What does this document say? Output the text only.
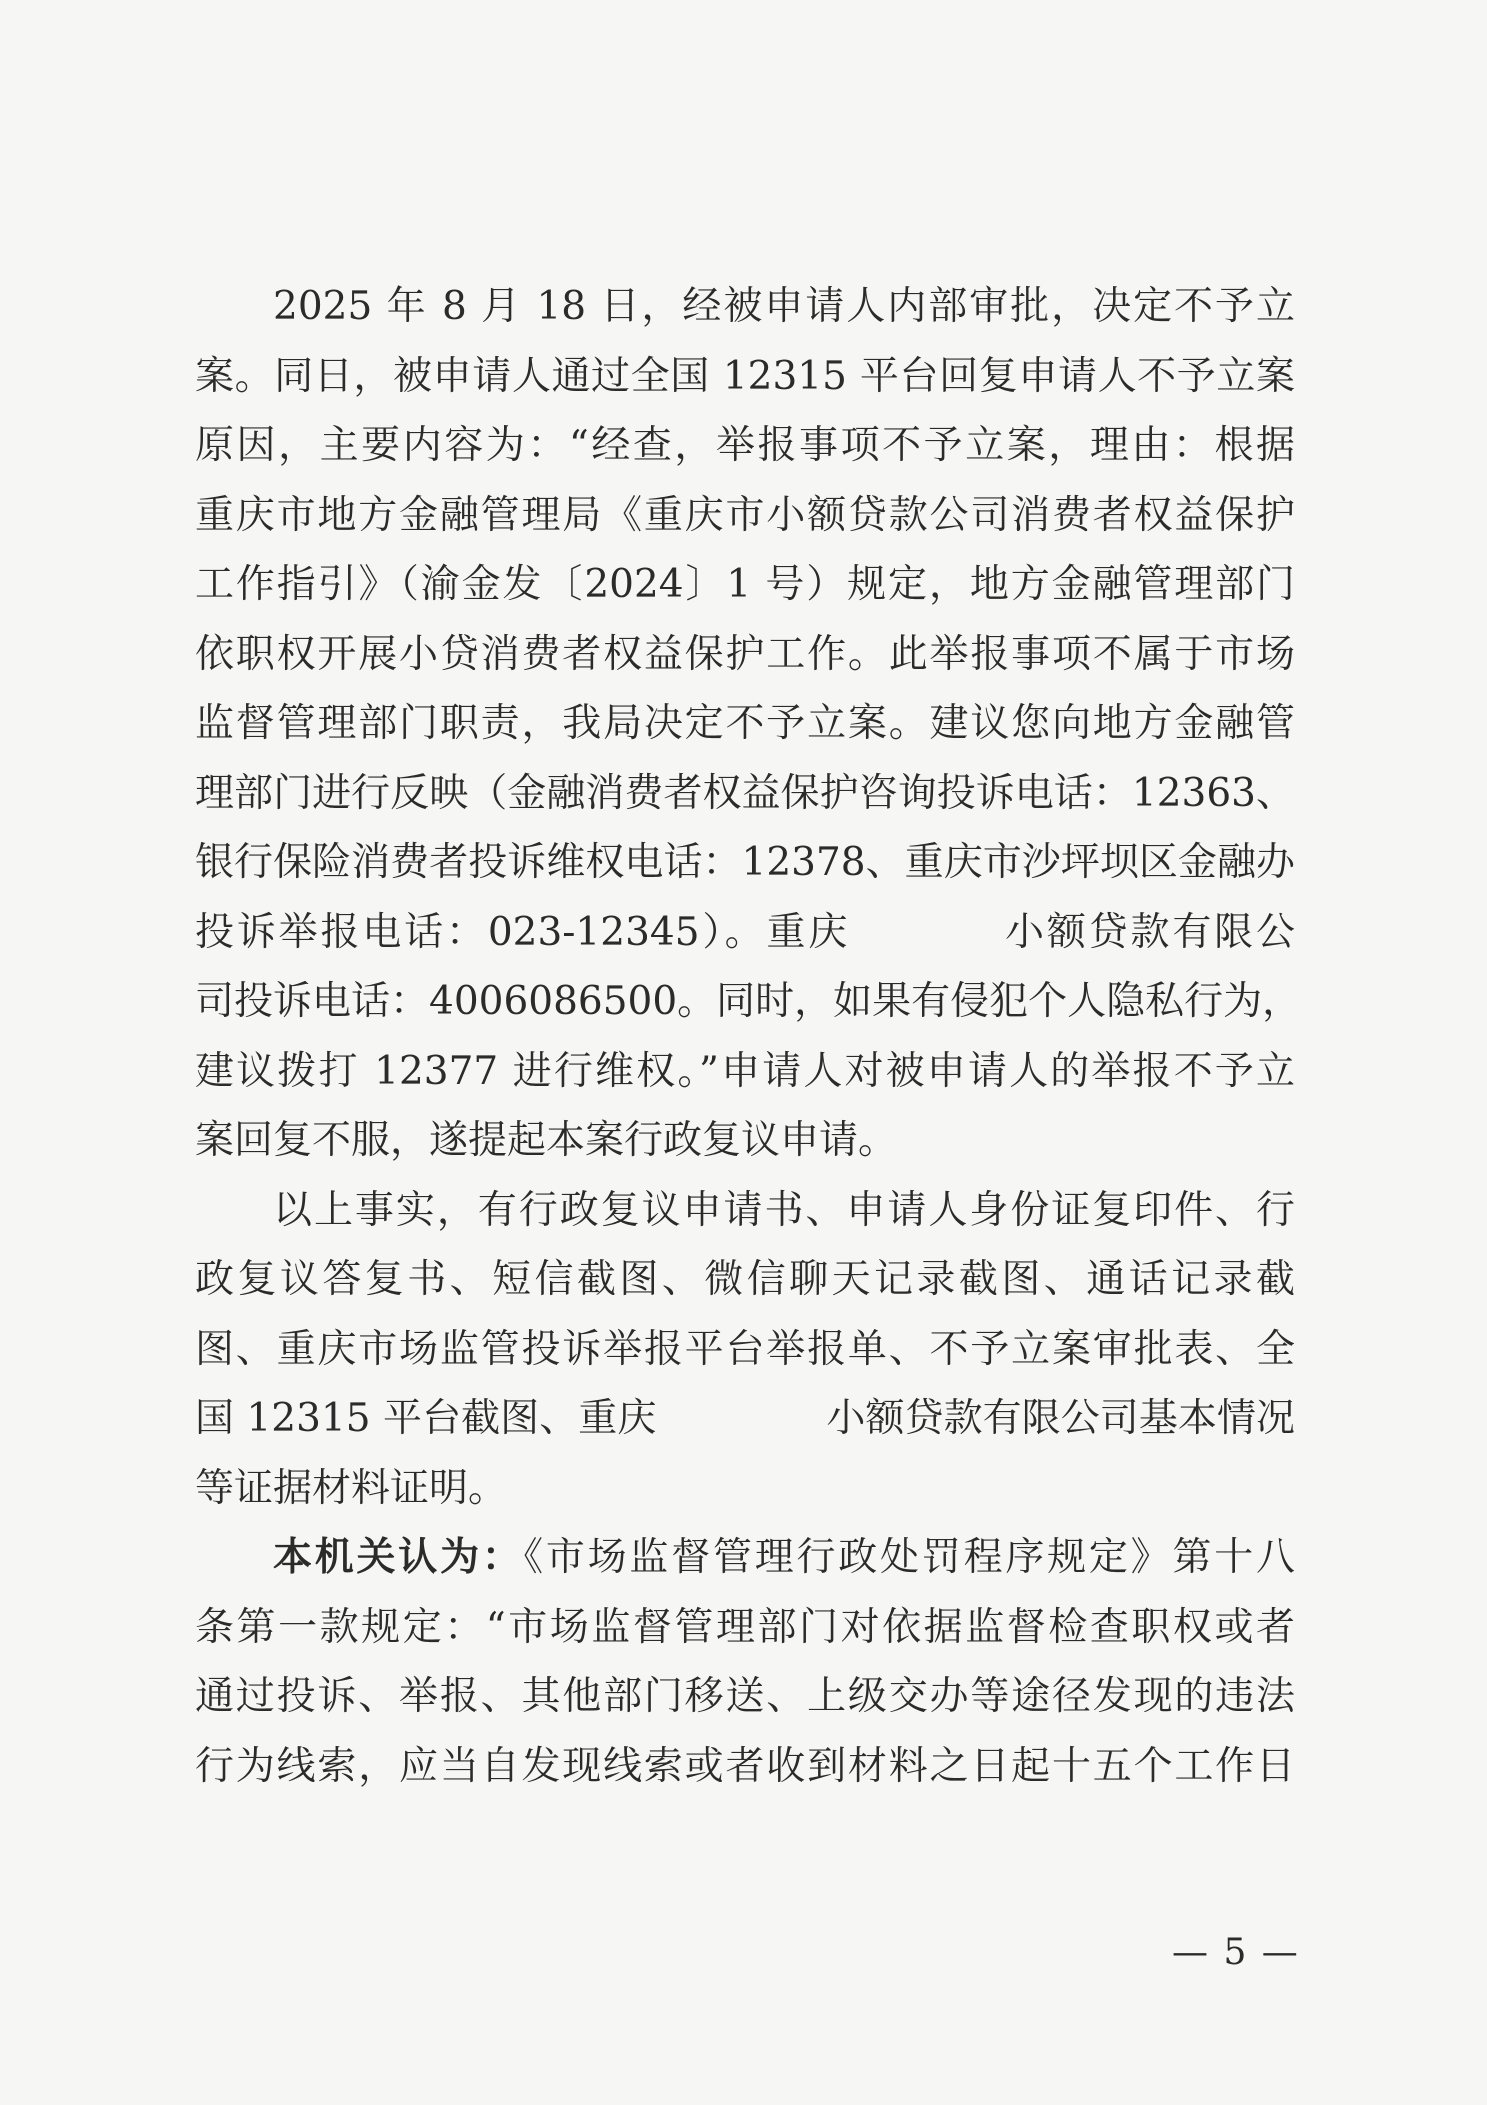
2025 年 8 月 18 日，经被申请人内部审批，决定不予立
案。同日，被申请人通过全国 12315 平台回复申请人不予立案
原因，主要内容为：“经查，举报事项不予立案，理由：根据
重庆市地方金融管理局《重庆市小额贷款公司消费者权益保护
工作指引》（渝金发〔2024〕1 号）规定，地方金融管理部门
依职权开展小贷消费者权益保护工作。此举报事项不属于市场
监督管理部门职责，我局决定不予立案。建议您向地方金融管
理部门进行反映（金融消费者权益保护咨询投诉电话：12363、
银行保险消费者投诉维权电话：12378、重庆市沙坪坝区金融办
投诉举报电话：023-12345）。重庆	小额贷款有限公
司投诉电话：4006086500。同时，如果有侵犯个人隐私行为，
建议拨打 12377 进行维权。”申请人对被申请人的举报不予立
案回复不服，遂提起本案行政复议申请。
以上事实，有行政复议申请书、申请人身份证复印件、行
政复议答复书、短信截图、微信聊天记录截图、通话记录截
图、重庆市场监管投诉举报平台举报单、不予立案审批表、全
国 12315 平台截图、重庆	小额贷款有限公司基本情况
等证据材料证明。
本机关认为：《市场监督管理行政处罚程序规定》第十八
条第一款规定：“市场监督管理部门对依据监督检查职权或者
通过投诉、举报、其他部门移送、上级交办等途径发现的违法
行为线索，应当自发现线索或者收到材料之日起十五个工作日
— 5 —
